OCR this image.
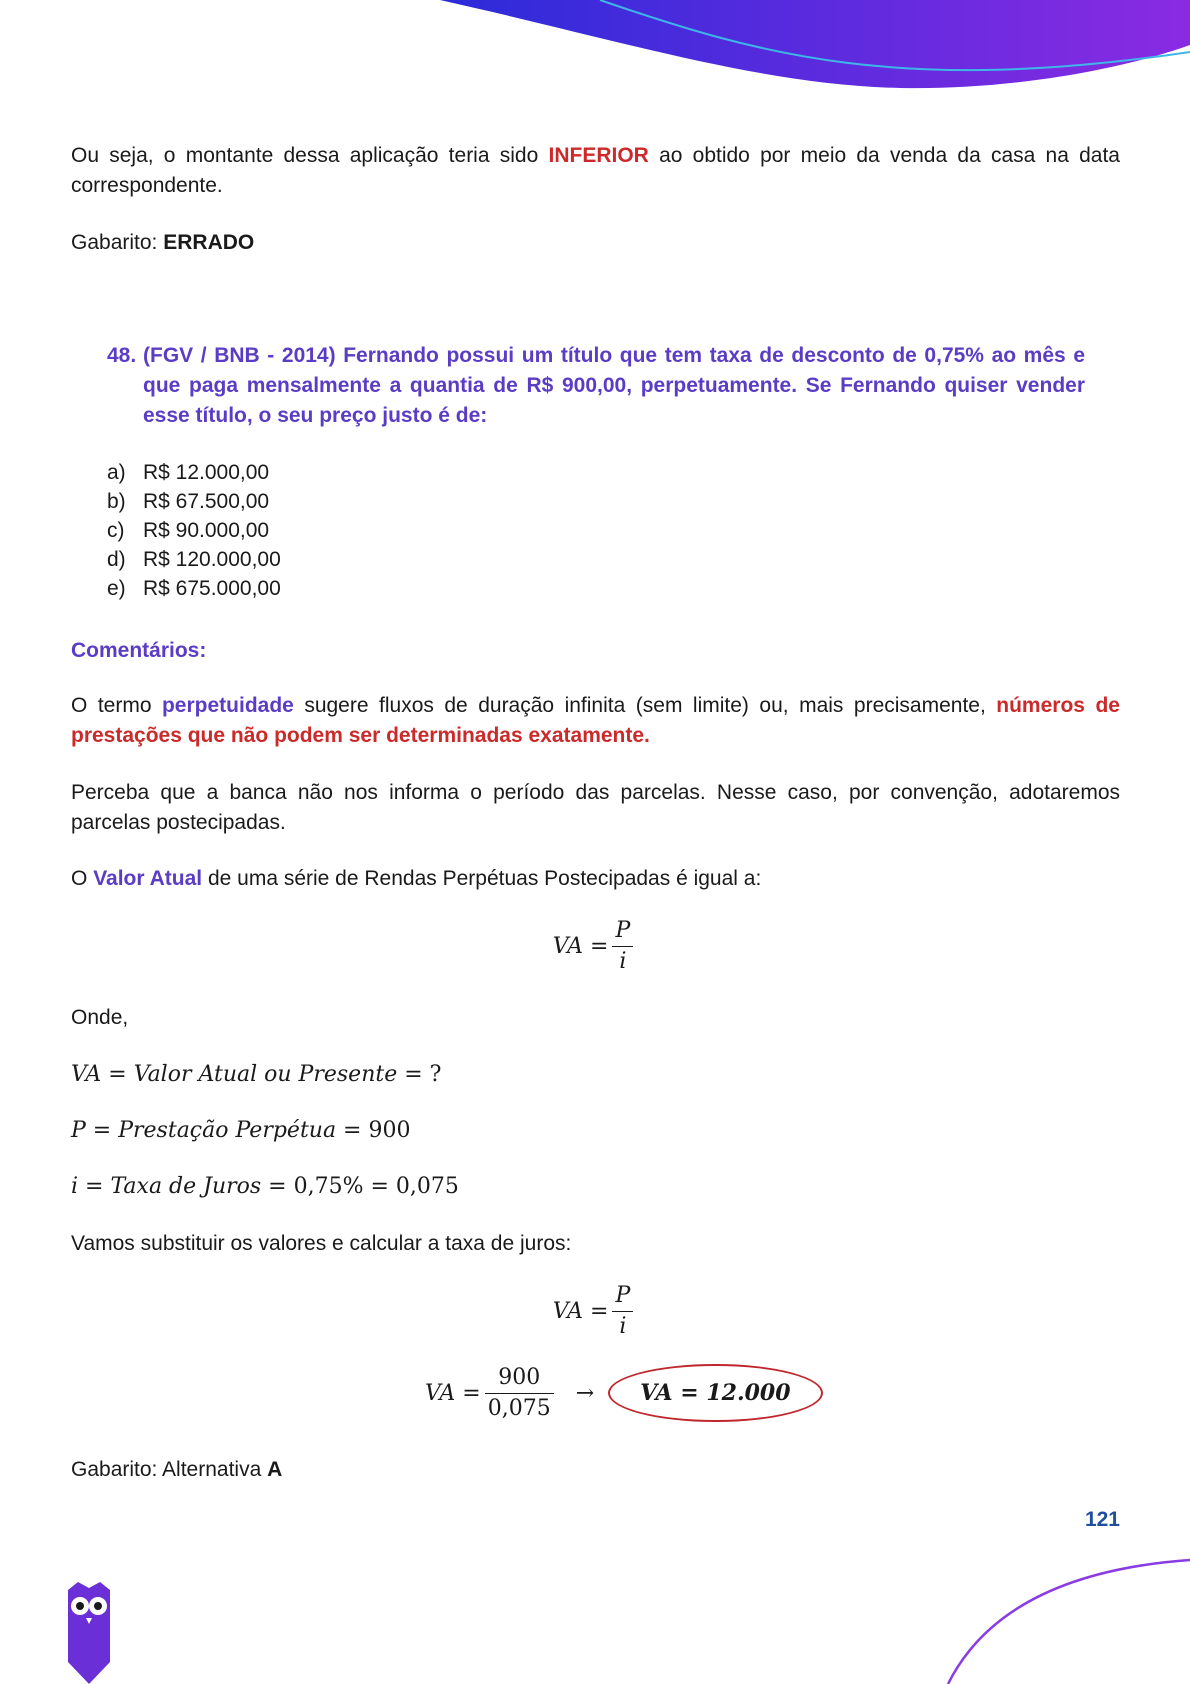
Ou seja, o montante dessa aplicação teria sido INFERIOR ao obtido por meio da venda da casa na data correspondente.

Gabarito: ERRADO
48. (FGV / BNB - 2014) Fernando possui um título que tem taxa de desconto de 0,75% ao mês e que paga mensalmente a quantia de R$ 900,00, perpetuamente. Se Fernando quiser vender esse título, o seu preço justo é de:
a) R$ 12.000,00
b) R$ 67.500,00
c) R$ 90.000,00
d) R$ 120.000,00
e) R$ 675.000,00
Comentários:

O termo perpetuidade sugere fluxos de duração infinita (sem limite) ou, mais precisamente, números de prestações que não podem ser determinadas exatamente.

Perceba que a banca não nos informa o período das parcelas. Nesse caso, por convenção, adotaremos parcelas postecipadas.

O Valor Atual de uma série de Rendas Perpétuas Postecipadas é igual a:

VA = $\frac{P}{i}$
Onde,
VA = Valor Atual ou Presente = ?
P = Prestação Perpétua = 900
i = Taxa de Juros = 0,75% = 0,075
Vamos substituir os valores e calcular a taxa de juros:
VA = $\frac{P}{i}$
VA = $\frac{900}{0,075}$ →	VA = 12.000
Gabarito: Alternativa A
121
